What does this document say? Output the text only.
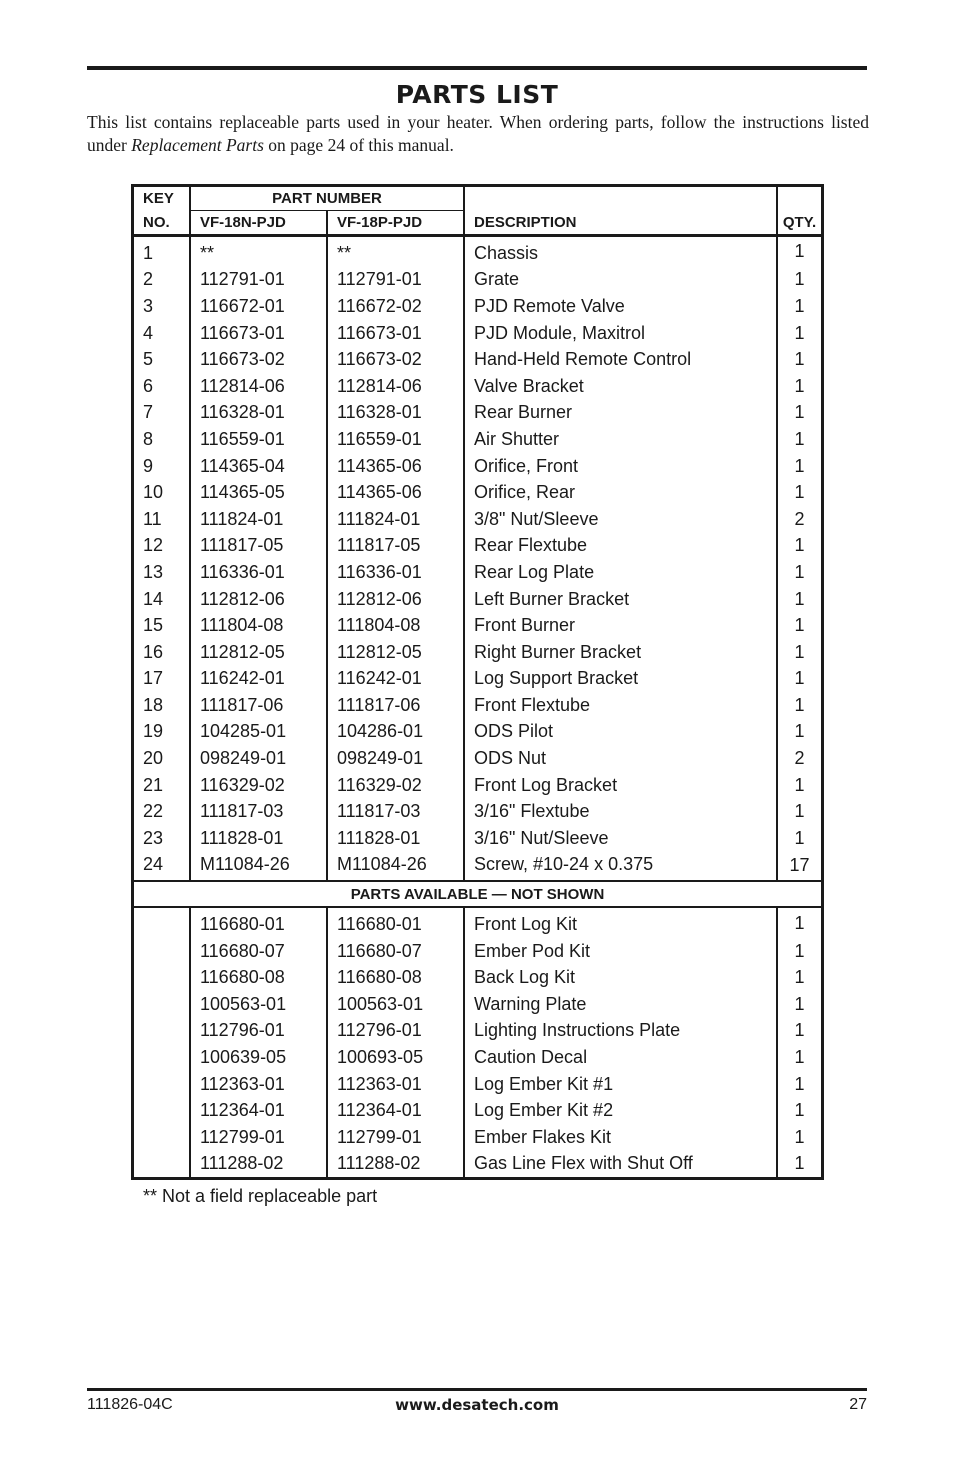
PARTS LIST

This list contains replaceable parts used in your heater. When ordering parts, follow the instructions listed under Replacement Parts on page 24 of this manual.

KEY	PART NUMBER			
NO.	VF-18N-PJD	VF-18P-PJD	DESCRIPTION	QTY.
1	**	**	Chassis	1
2	112791-01	112791-01	Grate	1
3	116672-01	116672-02	PJD Remote Valve	1
4	116673-01	116673-01	PJD Module, Maxitrol	1
5	116673-02	116673-02	Hand-Held Remote Control	1
6	112814-06	112814-06	Valve Bracket	1
7	116328-01	116328-01	Rear Burner	1
8	116559-01	116559-01	Air Shutter	1
9	114365-04	114365-06	Orifice, Front	1
10	114365-05	114365-06	Orifice, Rear	1
11	111824-01	111824-01	3/8" Nut/Sleeve	2
12	111817-05	111817-05	Rear Flextube	1
13	116336-01	116336-01	Rear Log Plate	1
14	112812-06	112812-06	Left Burner Bracket	1
15	111804-08	111804-08	Front Burner	1
16	112812-05	112812-05	Right Burner Bracket	1
17	116242-01	116242-01	Log Support Bracket	1
18	111817-06	111817-06	Front Flextube	1
19	104285-01	104286-01	ODS Pilot	1
20	098249-01	098249-01	ODS Nut	2
21	116329-02	116329-02	Front Log Bracket	1
22	111817-03	111817-03	3/16" Flextube	1
23	111828-01	111828-01	3/16" Nut/Sleeve	1
24	M11084-26	M11084-26	Screw, #10-24 x 0.375	17
PARTS AVAILABLE — NOT SHOWN				
	116680-01	116680-01	Front Log Kit	1
	116680-07	116680-07	Ember Pod Kit	1
	116680-08	116680-08	Back Log Kit	1
	100563-01	100563-01	Warning Plate	1
	112796-01	112796-01	Lighting Instructions Plate	1
	100639-05	100693-05	Caution Decal	1
	112363-01	112363-01	Log Ember Kit #1	1
	112364-01	112364-01	Log Ember Kit #2	1
	112799-01	112799-01	Ember Flakes Kit	1
	111288-02	111288-02	Gas Line Flex with Shut Off	1
** Not a field replaceable part
111826-04C	www.desatech.com	27
